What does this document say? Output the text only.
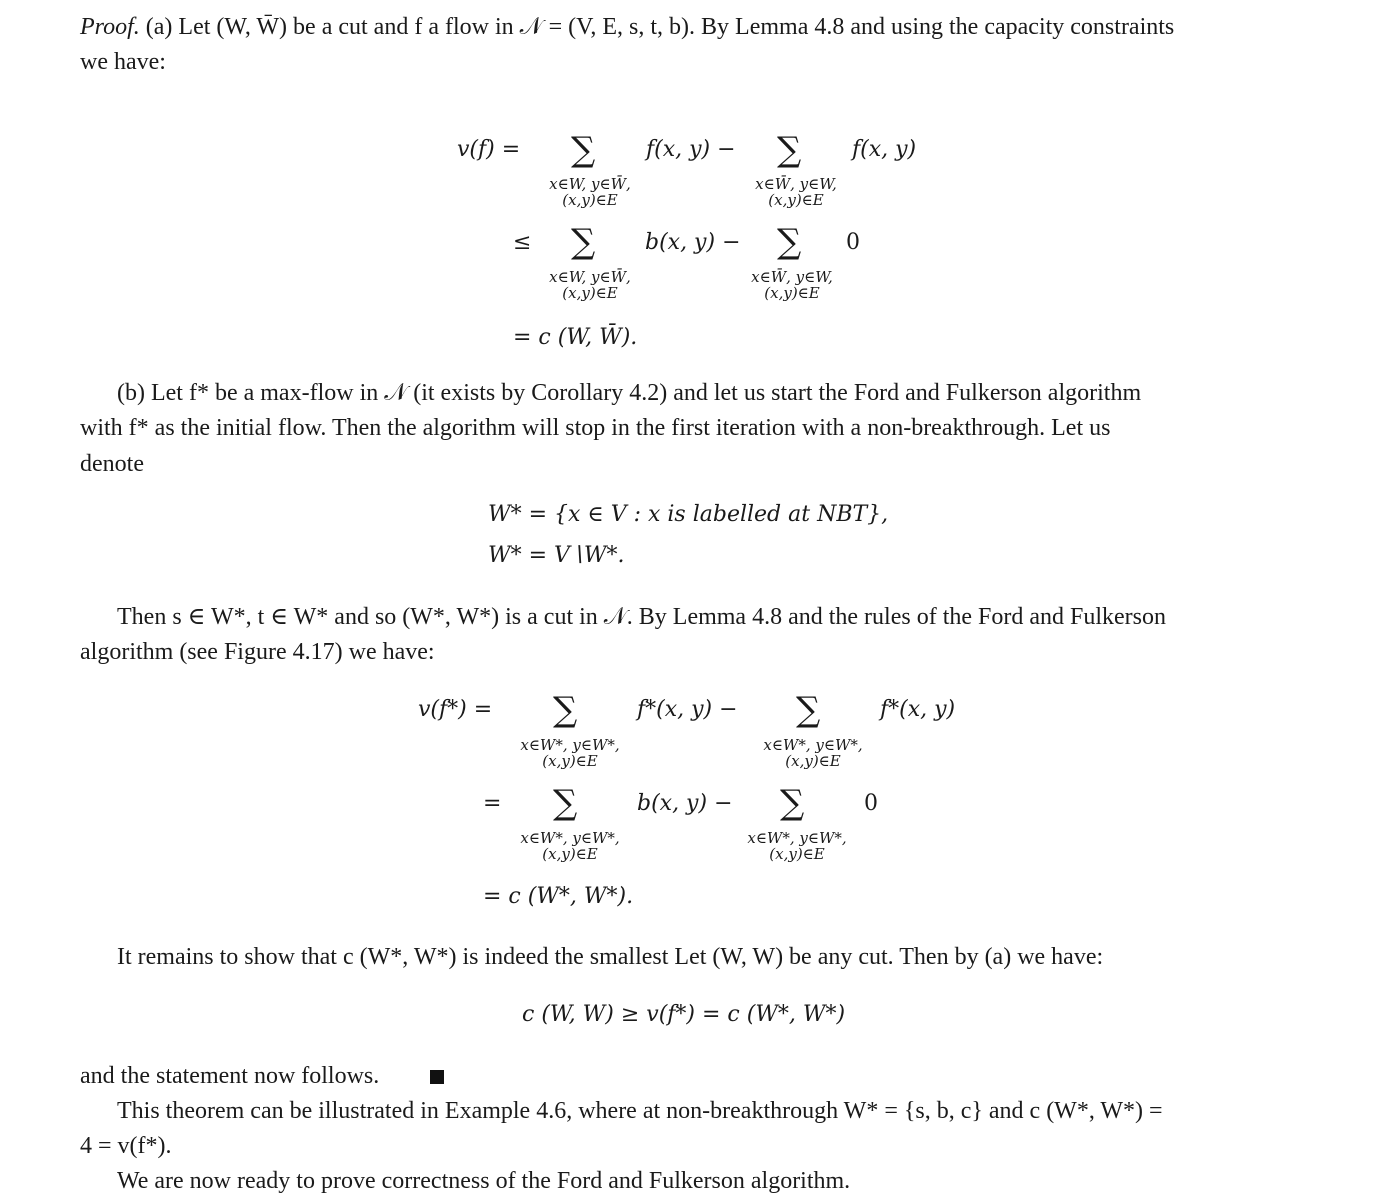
Proof. (a) Let (W, W̄) be a cut and f a flow in 𝒩 = (V, E, s, t, b). By Lemma 4.8 and using the capacity constraints
we have:
v(f) = ∑ f(x, y) − ∑ f(x, y)
x∈W, y∈W̄,
(x,y)∈E
x∈W̄, y∈W,
(x,y)∈E
≤ ∑ b(x, y) − ∑ 0
x∈W, y∈W̄,
(x,y)∈E
x∈W̄, y∈W,
(x,y)∈E
= c (W, W̄).
(b) Let f* be a max-flow in 𝒩 (it exists by Corollary 4.2) and let us start the Ford and Fulkerson algorithm
with f* as the initial flow. Then the algorithm will stop in the first iteration with a non-breakthrough. Let us
denote
W* = {x ∈ V : x is labelled at NBT},
W* = V∖W*.
Then s ∈ W*, t ∈ W* and so (W*, W*) is a cut in 𝒩. By Lemma 4.8 and the rules of the Ford and Fulkerson
algorithm (see Figure 4.17) we have:
v(f*) = ∑	f*(x, y) − ∑	f*(x, y)
x∈W*, y∈W*,
(x,y)∈E
x∈W*, y∈W*,
(x,y)∈E
= ∑	b(x, y) − ∑	0
x∈W*, y∈W*,
(x,y)∈E
x∈W*, y∈W*,
(x,y)∈E
= c (W*, W*).
It remains to show that c (W*, W*) is indeed the smallest Let (W, W) be any cut. Then by (a) we have:
c (W, W) ≥ v(f*) = c (W*, W*)
and the statement now follows.
This theorem can be illustrated in Example 4.6, where at non-breakthrough W* = {s, b, c} and c (W*, W*) =
4 = v(f*).
We are now ready to prove correctness of the Ford and Fulkerson algorithm.
